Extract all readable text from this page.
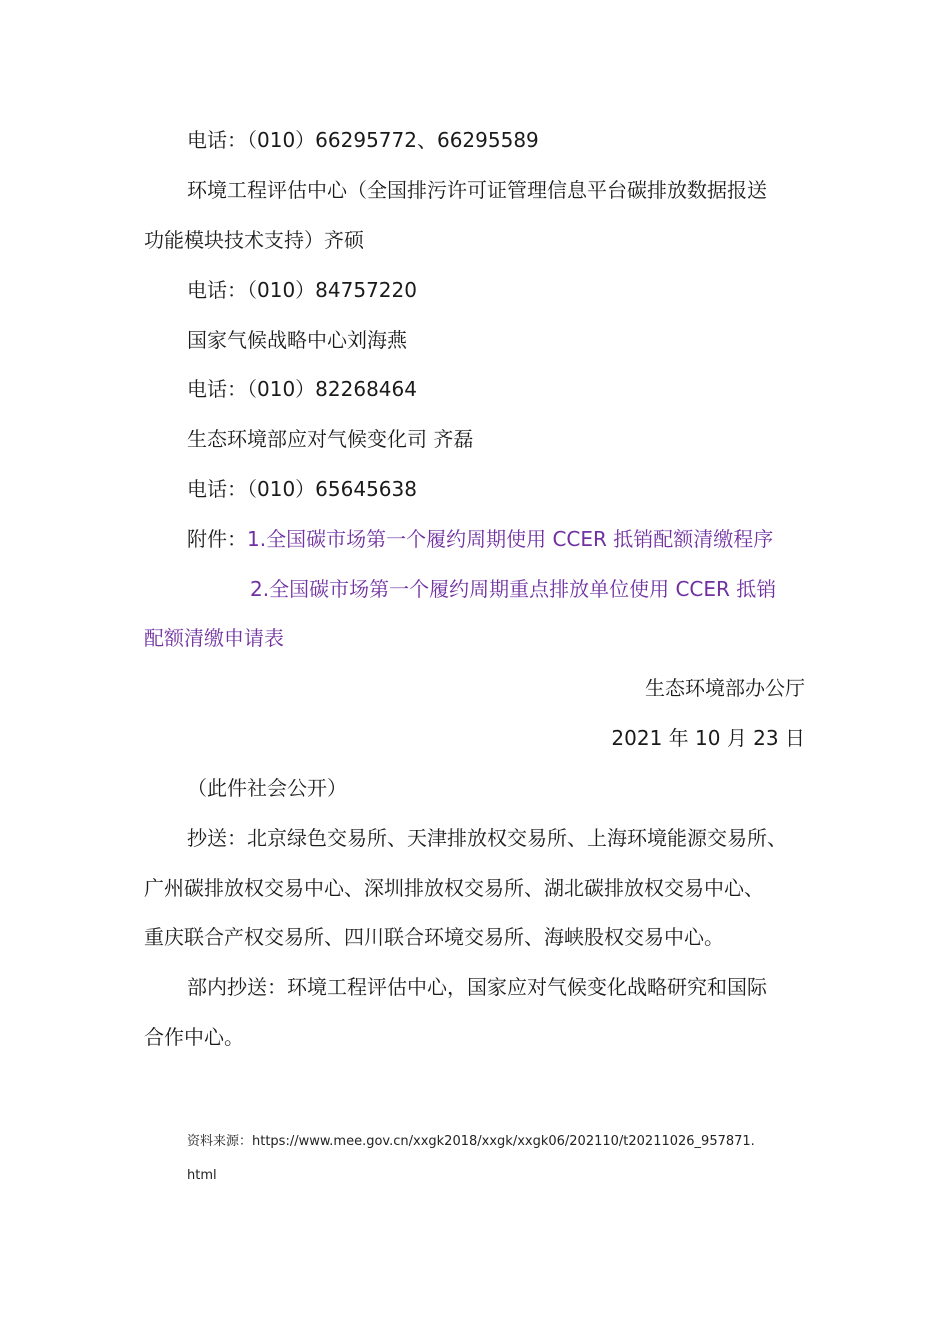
电话：（010）66295772、66295589
环境工程评估中心（全国排污许可证管理信息平台碳排放数据报送
功能模块技术支持）齐硕
电话：（010）84757220
国家气候战略中心刘海燕
电话：（010）82268464
生态环境部应对气候变化司 齐磊
电话：（010）65645638
附件：1.全国碳市场第一个履约周期使用 CCER 抵销配额清缴程序
2.全国碳市场第一个履约周期重点排放单位使用 CCER 抵销
配额清缴申请表
生态环境部办公厅
2021 年 10 月 23 日
（此件社会公开）
抄送：北京绿色交易所、天津排放权交易所、上海环境能源交易所、
广州碳排放权交易中心、深圳排放权交易所、湖北碳排放权交易中心、
重庆联合产权交易所、四川联合环境交易所、海峡股权交易中心。
部内抄送：环境工程评估中心，国家应对气候变化战略研究和国际
合作中心。
资料来源：https://www.mee.gov.cn/xxgk2018/xxgk/xxgk06/202110/t20211026_957871.
html
